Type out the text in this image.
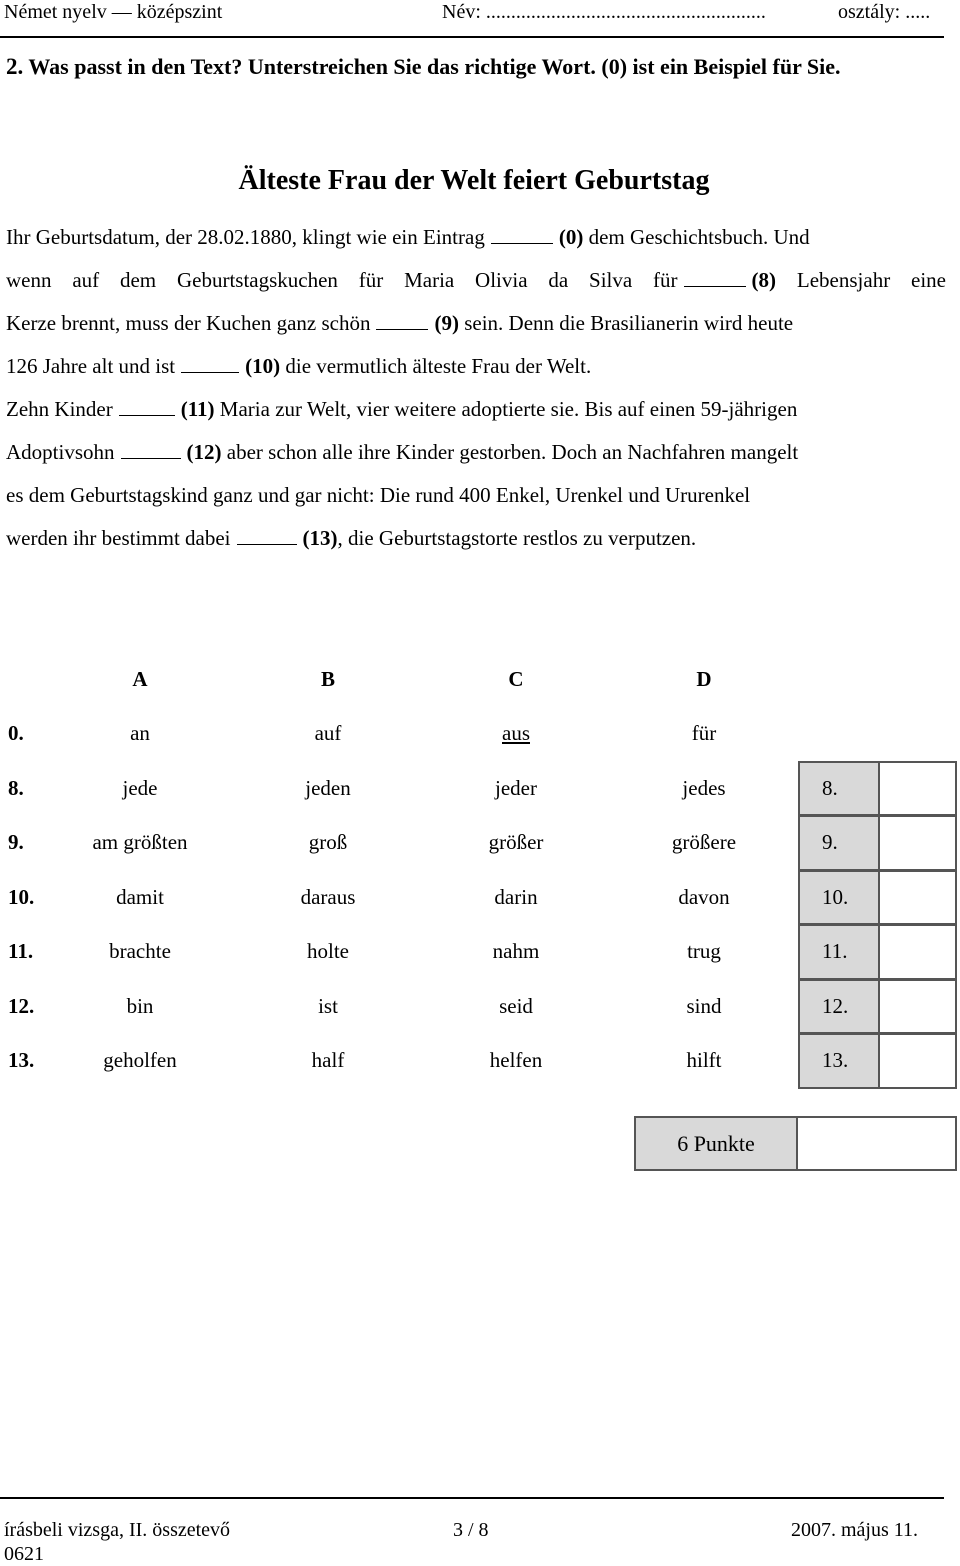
Német nyelv — középszint	Név: ........................................................	osztály: .....
2. Was passt in den Text? Unterstreichen Sie das richtige Wort. (0) ist ein Beispiel für Sie.
Älteste Frau der Welt feiert Geburtstag
Ihr Geburtsdatum, der 28.02.1880, klingt wie ein Eintrag	(0) dem Geschichtsbuch. Und
wenn auf dem Geburtstagskuchen für Maria Olivia da Silva für	(8) Lebensjahr eine
Kerze brennt, muss der Kuchen ganz schön	(9) sein. Denn die Brasilianerin wird heute
126 Jahre alt und ist	(10) die vermutlich älteste Frau der Welt.
Zehn Kinder	(11) Maria zur Welt, vier weitere adoptierte sie. Bis auf einen 59-jährigen
Adoptivsohn	(12) aber schon alle ihre Kinder gestorben. Doch an Nachfahren mangelt
es dem Geburtstagskind ganz und gar nicht: Die rund 400 Enkel, Urenkel und Ururenkel
werden ihr bestimmt dabei	(13), die Geburtstagstorte restlos zu verputzen.
A	B	C	D
0.	an	auf	aus	für
8.	jede	jeden	jeder	jedes	8.
9.	am größten	groß	größer	größere	9.
10.	damit	daraus	darin	davon	10.
11.	brachte	holte	nahm	trug	11.
12.	bin	ist	seid	sind	12.
13.	geholfen	half	helfen	hilft	13.
6 Punkte
írásbeli vizsga, II. összetevő
0621
3 / 8	2007. május 11.
